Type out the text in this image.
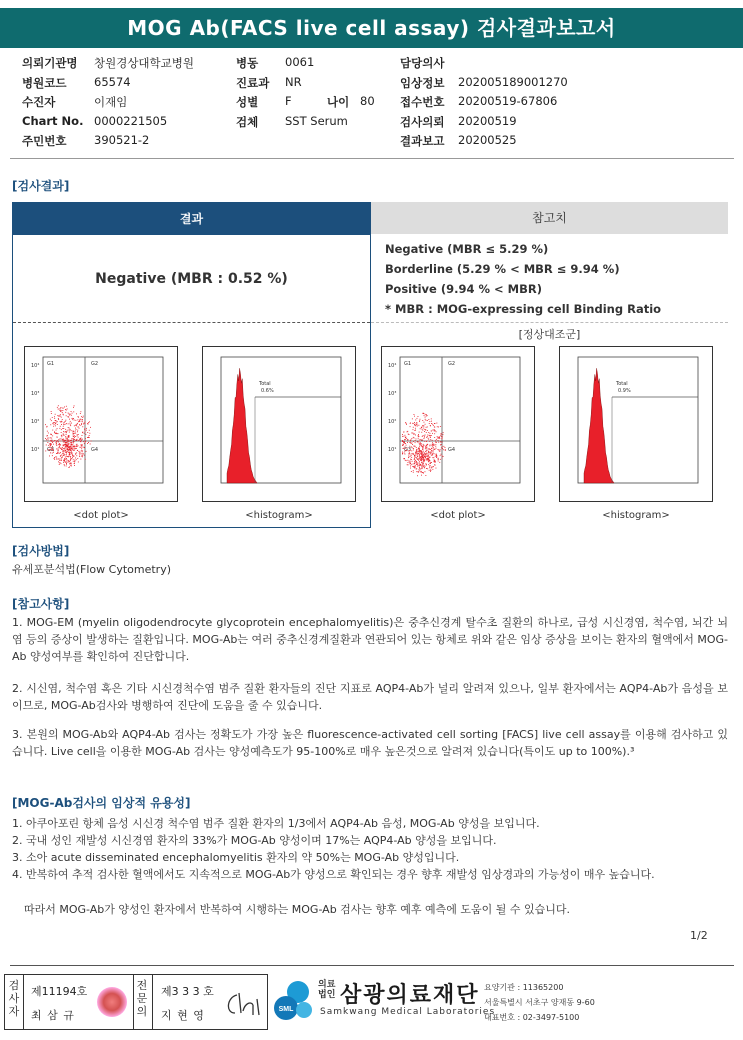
MOG Ab(FACS live cell assay) 검사결과보고서
의뢰기관명 창원경상대학교병원	병동 0061	담당의사
병원코드 65574	진료과 NR	임상정보 202005189001270
수진자	이재임	성별 F	나이 80 접수번호 20200519-67806
Chart No. 0000221505	검체 SST Serum	검사의뢰 20200519
주민번호 390521-2	결과보고 20200525
[검사결과]
결과
Negative (MBR : 0.52 %)
참고치
Negative (MBR ≤ 5.29 %)
Borderline (5.29 % < MBR ≤ 9.94 %)
Positive (9.94 % < MBR)
* MBR : MOG-expressing cell Binding Ratio
[정상대조군]
G1	G2
G3	G4
10⁴
10³
10²
10¹
<dot plot>
Total
0.6%
<histogram>
G1	G2
G3	G4
10⁴
10³
10²
10¹
<dot plot>
Total
0.9%
<histogram>
[검사방법]
유세포분석법(Flow Cytometry)
[참고사항]
1. MOG-EM (myelin oligodendrocyte glycoprotein encephalomyelitis)은 중추신경계 탈수초 질환의 하나로, 급성 시신경염, 척수염, 뇌간 뇌염 등의 증상이 발생하는 질환입니다. MOG-Ab는 여러 중추신경계질환과 연관되어 있는 항체로 위와 같은 임상 증상을 보이는 환자의 혈액에서 MOG-Ab 양성여부를 확인하여 진단합니다.
2. 시신염, 척수염 혹은 기타 시신경척수염 범주 질환 환자들의 진단 지표로 AQP4-Ab가 널리 알려져 있으나, 일부 환자에서는 AQP4-Ab가 음성을 보이므로, MOG-Ab검사와 병행하여 진단에 도움을 줄 수 있습니다.
3. 본원의 MOG-Ab와 AQP4-Ab 검사는 정확도가 가장 높은 fluorescence-activated cell sorting [FACS] live cell assay를 이용해 검사하고 있습니다. Live cell을 이용한 MOG-Ab 검사는 양성예측도가 95-100%로 매우 높은것으로 알려져 있습니다(특이도 up to 100%).³
[MOG-Ab검사의 임상적 유용성]
1. 아쿠아포린 항체 음성 시신경 척수염 범주 질환 환자의 1/3에서 AQP4-Ab 음성, MOG-Ab 양성을 보입니다.
2. 국내 성인 재발성 시신경염 환자의 33%가 MOG-Ab 양성이며 17%는 AQP4-Ab 양성을 보입니다.
3. 소아 acute disseminated encephalomyelitis 환자의 약 50%는 MOG-Ab 양성입니다.
4. 반복하여 추적 검사한 혈액에서도 지속적으로 MOG-Ab가 양성으로 확인되는 경우 향후 재발성 임상경과의 가능성이 매우 높습니다.
따라서 MOG-Ab가 양성인 환자에서 반복하여 시행하는 MOG-Ab 검사는 향후 예후 예측에 도움이 될 수 있습니다.
1/2
검사자
제11194호
최 삼 규
전문의
제3 3 3 호
지 현 영	SML
의료
법인 삼광의료재단
Samkwang Medical Laboratories
요양기관 : 11365200
서울특별시 서초구 양재동 9-60
대표번호 : 02-3497-5100
